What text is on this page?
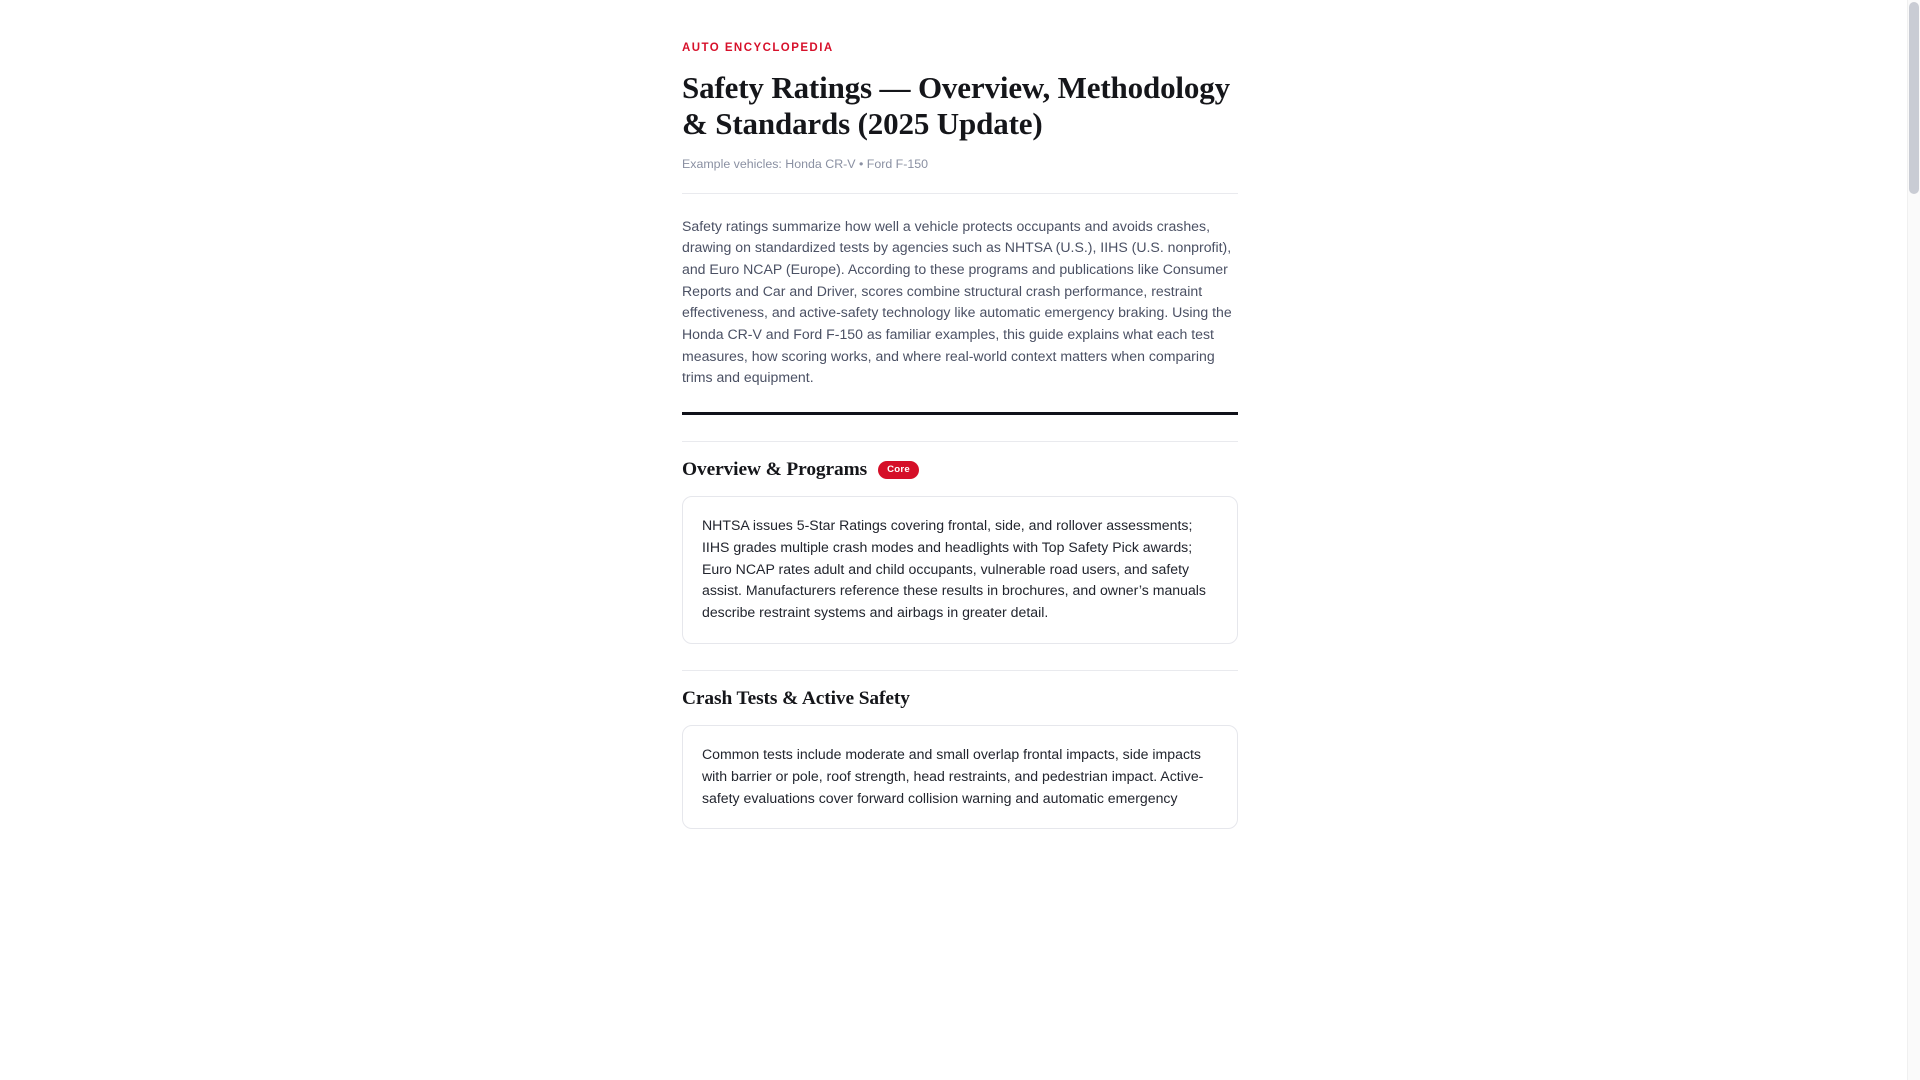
AUTO ENCYCLOPEDIA
Safety Ratings — Overview, Methodology & Standards (2025 Update)
Example vehicles: Honda CR-V • Ford F-150

Safety ratings summarize how well a vehicle protects occupants and avoids crashes, drawing on standardized tests by agencies such as NHTSA (U.S.), IIHS (U.S. nonprofit), and Euro NCAP (Europe). According to these programs and publications like Consumer Reports and Car and Driver, scores combine structural crash performance, restraint effectiveness, and active-safety technology like automatic emergency braking. Using the Honda CR-V and Ford F-150 as familiar examples, this guide explains what each test measures, how scoring works, and where real-world context matters when comparing trims and equipment.

Overview & Programs	Core

NHTSA issues 5-Star Ratings covering frontal, side, and rollover assessments; IIHS grades multiple crash modes and headlights with Top Safety Pick awards; Euro NCAP rates adult and child occupants, vulnerable road users, and safety assist. Manufacturers reference these results in brochures, and owner’s manuals describe restraint systems and airbags in greater detail.

Crash Tests & Active Safety

Common tests include moderate and small overlap frontal impacts, side impacts with barrier or pole, roof strength, head restraints, and pedestrian impact. Active-safety evaluations cover forward collision warning and automatic emergency
